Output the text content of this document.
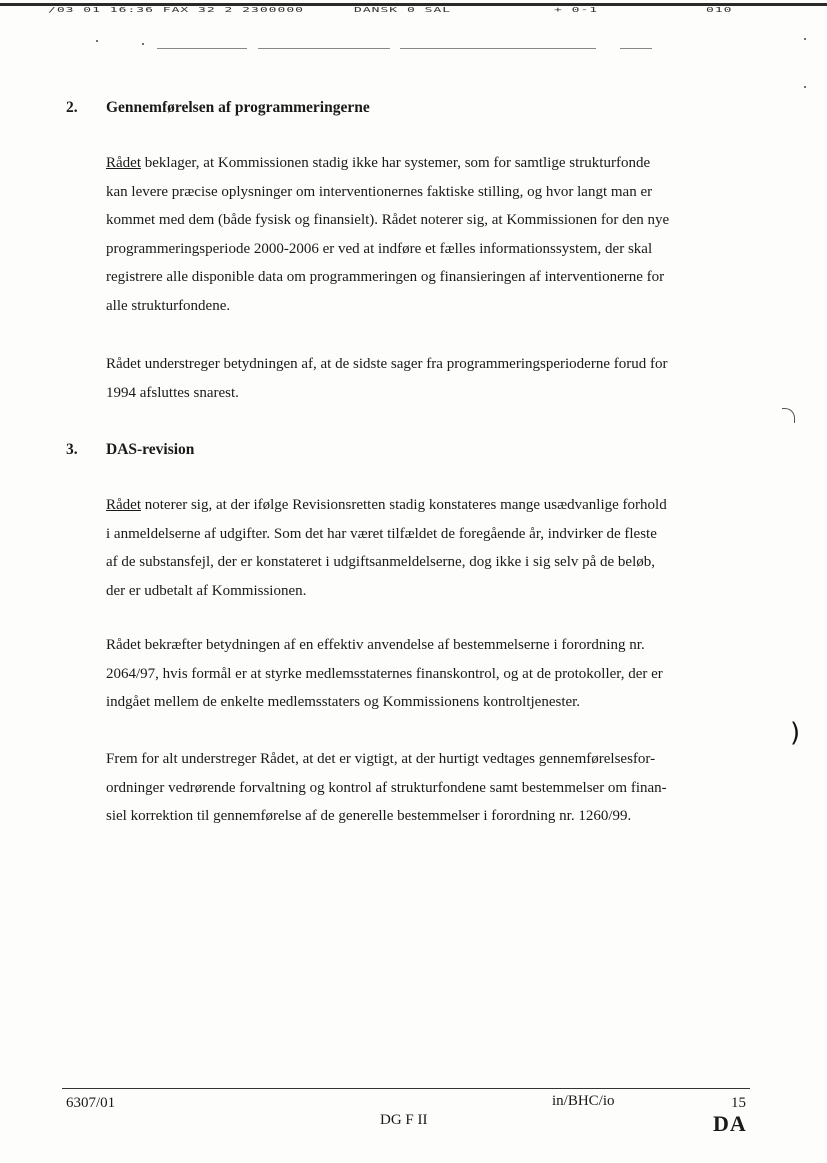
/03 01 16:36 FAX 32 2 2300000	DANSK 0 SAL	+ 0-1	010
2. Gennemførelsen af programmeringerne
Rådet beklager, at Kommissionen stadig ikke har systemer, som for samtlige strukturfonde
kan levere præcise oplysninger om interventionernes faktiske stilling, og hvor langt man er
kommet med dem (både fysisk og finansielt). Rådet noterer sig, at Kommissionen for den nye
programmeringsperiode 2000-2006 er ved at indføre et fælles informationssystem, der skal
registrere alle disponible data om programmeringen og finansieringen af interventionerne for
alle strukturfondene.
Rådet understreger betydningen af, at de sidste sager fra programmeringsperioderne forud for
1994 afsluttes snarest.
3. DAS-revision
Rådet noterer sig, at der ifølge Revisionsretten stadig konstateres mange usædvanlige forhold
i anmeldelserne af udgifter. Som det har været tilfældet de foregående år, indvirker de fleste
af de substansfejl, der er konstateret i udgiftsanmeldelserne, dog ikke i sig selv på de beløb,
der er udbetalt af Kommissionen.
Rådet bekræfter betydningen af en effektiv anvendelse af bestemmelserne i forordning nr.
2064/97, hvis formål er at styrke medlemsstaternes finanskontrol, og at de protokoller, der er
indgået mellem de enkelte medlemsstaters og Kommissionens kontroltjenester.
)
Frem for alt understreger Rådet, at det er vigtigt, at der hurtigt vedtages gennemførelsesfor-
ordninger vedrørende forvaltning og kontrol af strukturfondene samt bestemmelser om finan-
siel korrektion til gennemførelse af de generelle bestemmelser i forordning nr. 1260/99.
6307/01
DG F II
in/BHC/io	15
DA
